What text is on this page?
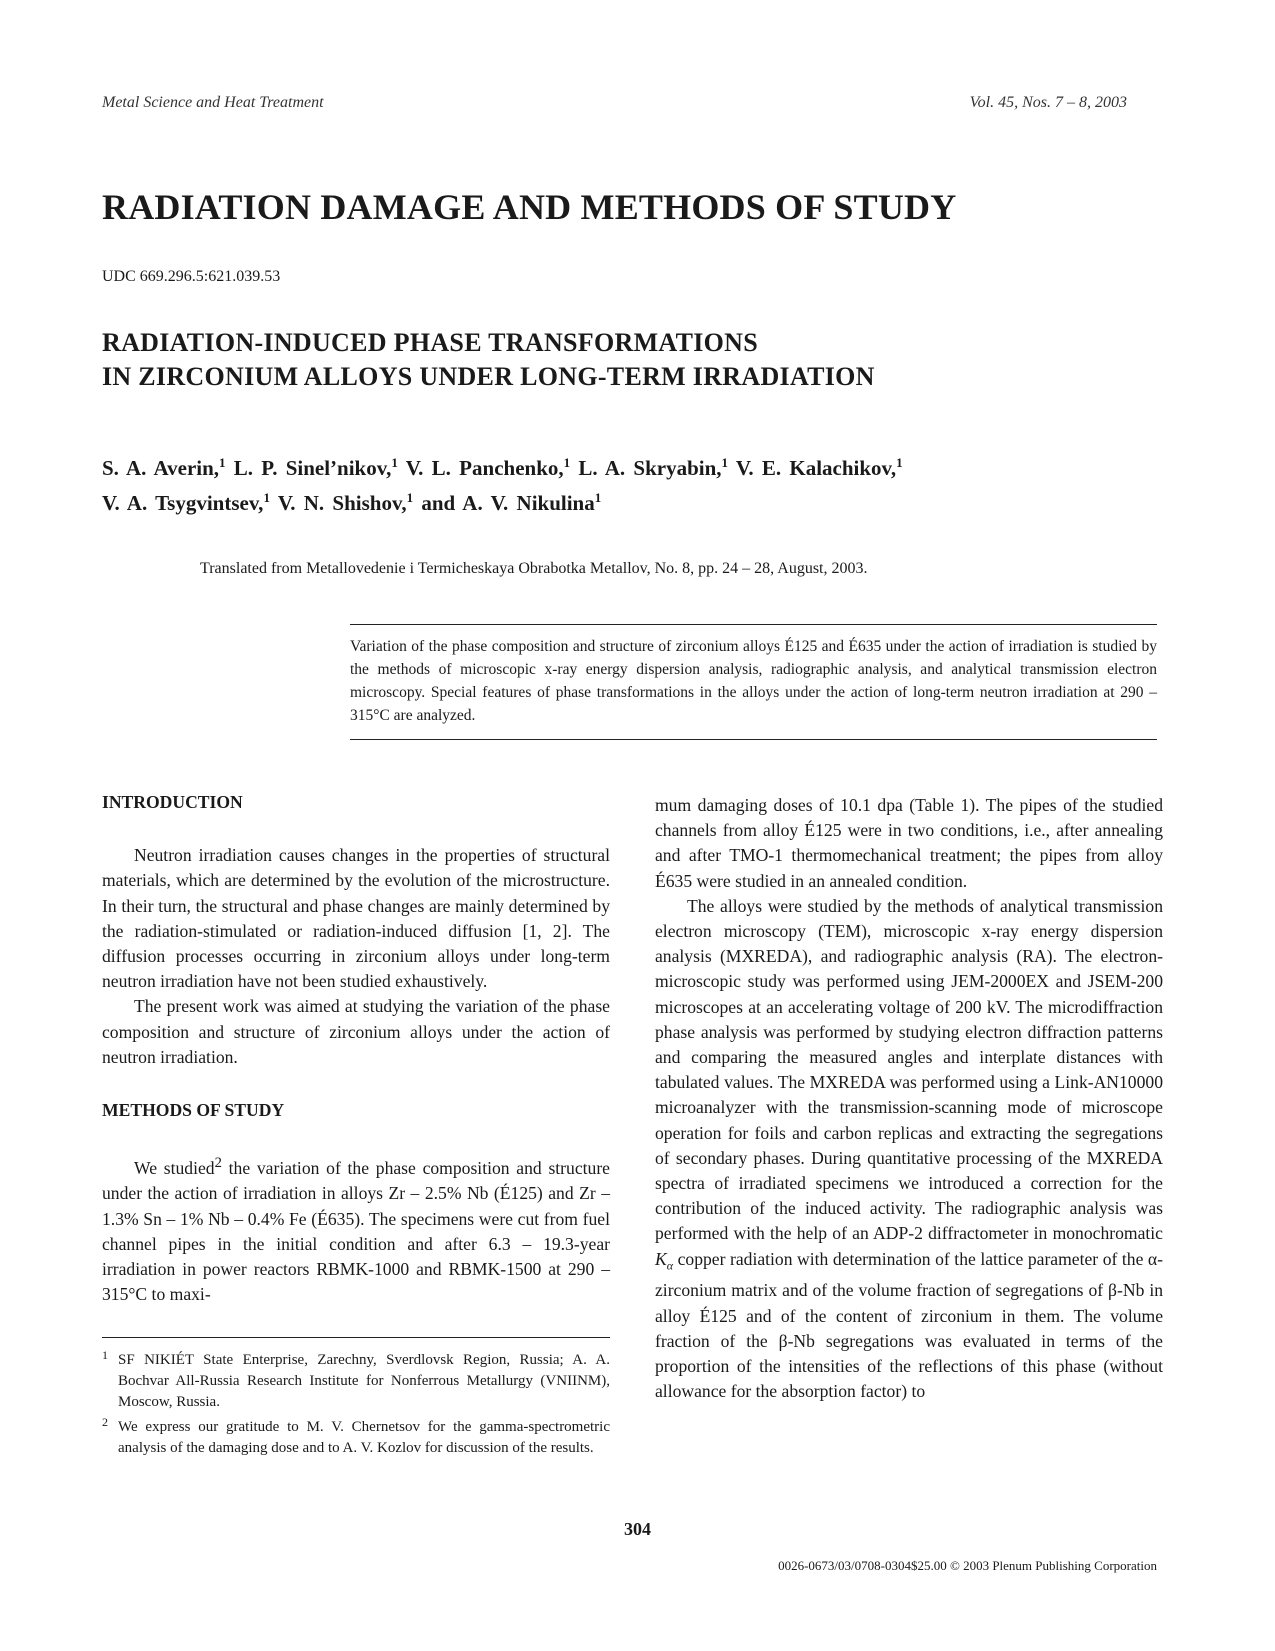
Metal Science and Heat Treatment	Vol. 45, Nos. 7 – 8, 2003
RADIATION DAMAGE AND METHODS OF STUDY
UDC 669.296.5:621.039.53
RADIATION-INDUCED PHASE TRANSFORMATIONS
IN ZIRCONIUM ALLOYS UNDER LONG-TERM IRRADIATION
S. A. Averin,$^1$ L. P. Sinel’nikov,$^1$ V. L. Panchenko,$^1$ L. A. Skryabin,$^1$ V. E. Kalachikov,$^1$
V. A. Tsygvintsev,$^1$ V. N. Shishov,$^1$ and A. V. Nikulina$^1$
Translated from Metallovedenie i Termicheskaya Obrabotka Metallov, No. 8, pp. 24 – 28, August, 2003.
Variation of the phase composition and structure of zirconium alloys É125 and É635 under the action of irradiation is studied by the methods of microscopic x-ray energy dispersion analysis, radiographic analysis, and analytical transmission electron microscopy. Special features of phase transformations in the alloys under the action of long-term neutron irradiation at 290 – 315°C are analyzed.
INTRODUCTION

Neutron irradiation causes changes in the properties of structural materials, which are determined by the evolution of the microstructure. In their turn, the structural and phase changes are mainly determined by the radiation-stimulated or radiation-induced diffusion [1, 2]. The diffusion processes occurring in zirconium alloys under long-term neutron irradiation have not been studied exhaustively.

The present work was aimed at studying the variation of the phase composition and structure of zirconium alloys under the action of neutron irradiation.

METHODS OF STUDY

We studied$^2$ the variation of the phase composition and structure under the action of irradiation in alloys Zr – 2.5% Nb (É125) and Zr – 1.3% Sn – 1% Nb – 0.4% Fe (É635). The specimens were cut from fuel channel pipes in the initial condition and after 6.3 – 19.3-year irradiation in power reactors RBMK-1000 and RBMK-1500 at 290 – 315°C to maxi-

1 SF NIKIÉT State Enterprise, Zarechny, Sverdlovsk Region, Russia; A. A. Bochvar All-Russia Research Institute for Nonferrous Metallurgy (VNIINM), Moscow, Russia.
2 We express our gratitude to M. V. Chernetsov for the gamma-spectrometric analysis of the damaging dose and to A. V. Kozlov for discussion of the results.

mum damaging doses of 10.1 dpa (Table 1). The pipes of the studied channels from alloy É125 were in two conditions, i.e., after annealing and after TMO-1 thermomechanical treatment; the pipes from alloy É635 were studied in an annealed condition.

The alloys were studied by the methods of analytical transmission electron microscopy (TEM), microscopic x-ray energy dispersion analysis (MXREDA), and radiographic analysis (RA). The electron-microscopic study was performed using JEM-2000EX and JSEM-200 microscopes at an accelerating voltage of 200 kV. The microdiffraction phase analysis was performed by studying electron diffraction patterns and comparing the measured angles and interplate distances with tabulated values. The MXREDA was performed using a Link-AN10000 microanalyzer with the transmission-scanning mode of microscope operation for foils and carbon replicas and extracting the segregations of secondary phases. During quantitative processing of the MXREDA spectra of irradiated specimens we introduced a correction for the contribution of the induced activity. The radiographic analysis was performed with the help of an ADP-2 diffractometer in monochromatic $K_\alpha$ copper radiation with determination of the lattice parameter of the α-zirconium matrix and of the volume fraction of segregations of β-Nb in alloy É125 and of the content of zirconium in them. The volume fraction of the β-Nb segregations was evaluated in terms of the proportion of the intensities of the reflections of this phase (without allowance for the absorption factor) to

304
0026-0673/03/0708-0304$25.00 © 2003 Plenum Publishing Corporation
